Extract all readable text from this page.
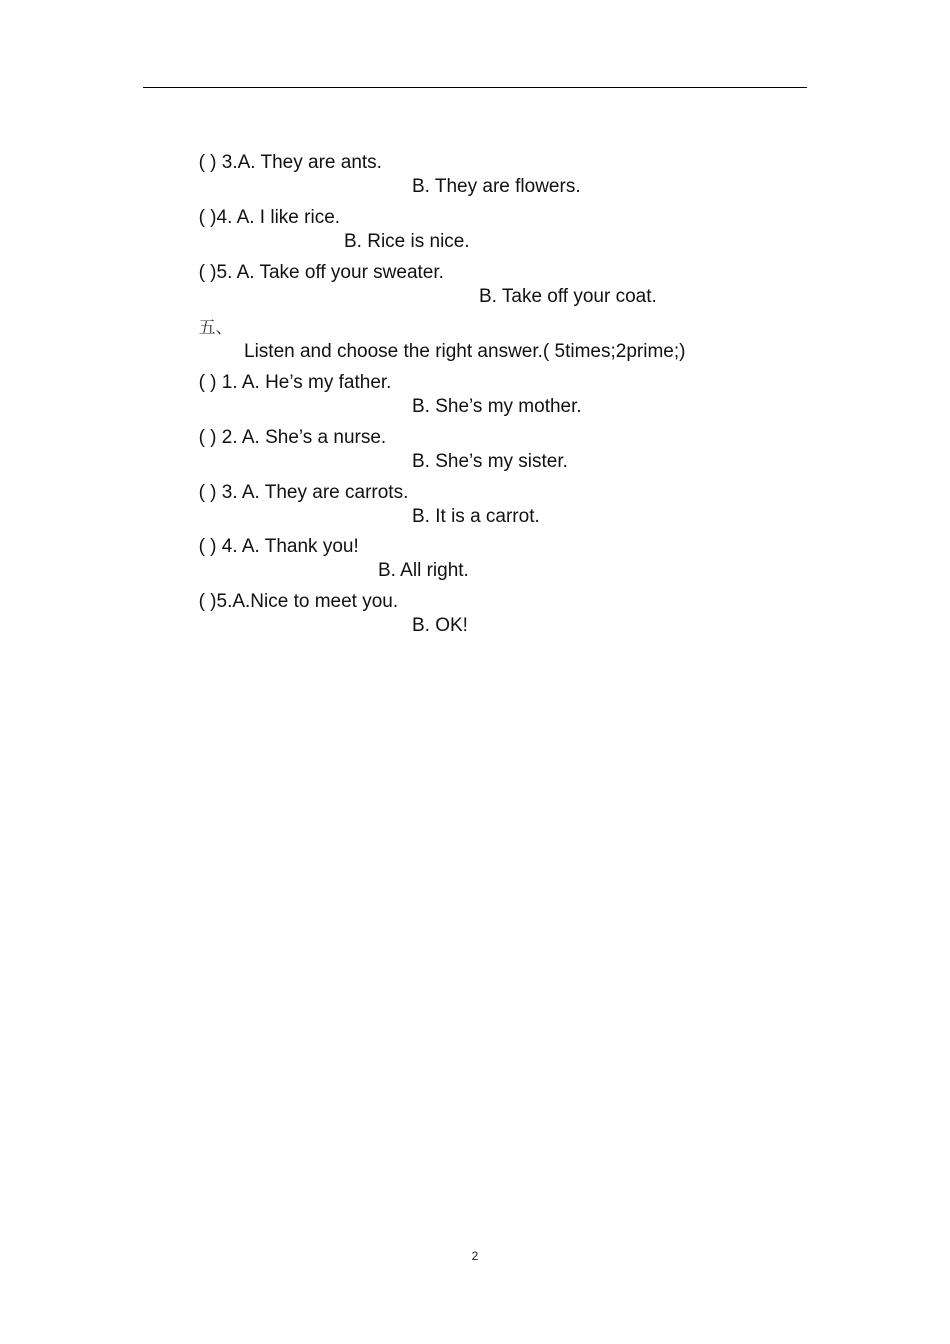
( ) 3.A. They are ants.

B. They are flowers.

( )4. A. I like rice.

B. Rice is nice.

( )5. A. Take off your sweater.

B. Take off your coat.

五、

Listen and choose the right answer.( 5times;2prime;)

( ) 1. A. He’s my father.

B. She’s my mother.

( ) 2. A. She’s a nurse.

B. She’s my sister.

( ) 3. A. They are carrots.

B. It is a carrot.

( ) 4. A. Thank you!

B. All right.

( )5.A.Nice to meet you.

B. OK!

2
